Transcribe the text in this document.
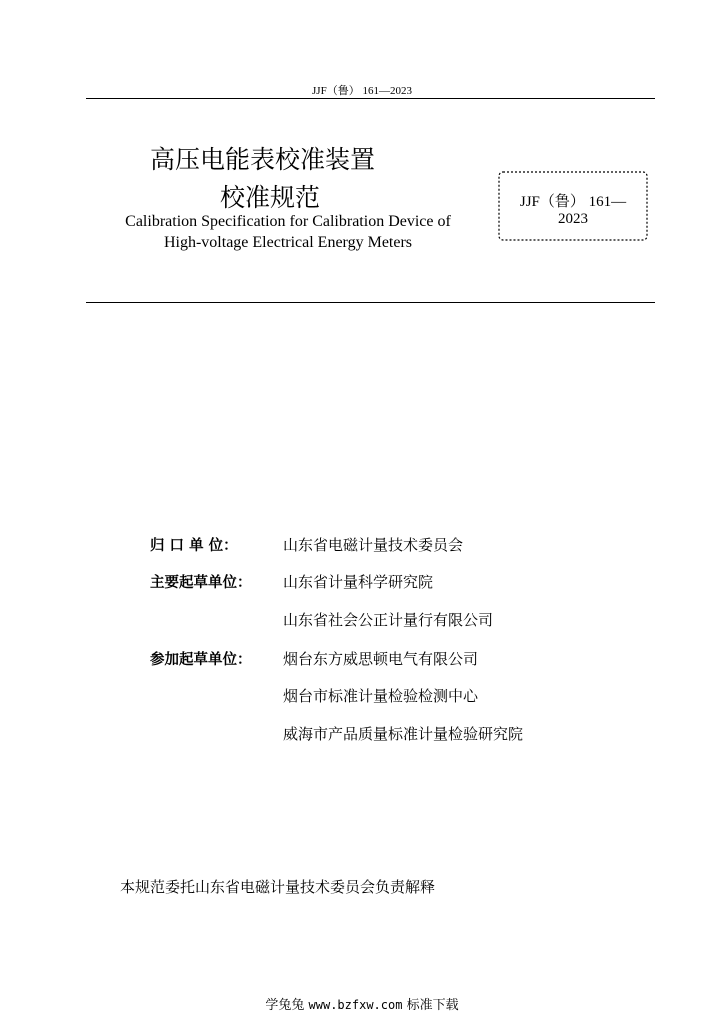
JJF（鲁） 161—2023
高压电能表校准装置
校准规范
Calibration Specification for Calibration Device of
High-voltage Electrical Energy Meters
JJF（鲁） 161—
2023
归 口 单 位：	山东省电磁计量技术委员会
主要起草单位： 山东省计量科学研究院
山东省社会公正计量行有限公司
参加起草单位： 烟台东方威思顿电气有限公司
烟台市标准计量检验检测中心
威海市产品质量标准计量检验研究院
本规范委托山东省电磁计量技术委员会负责解释
学兔兔 www.bzfxw.com 标准下载
